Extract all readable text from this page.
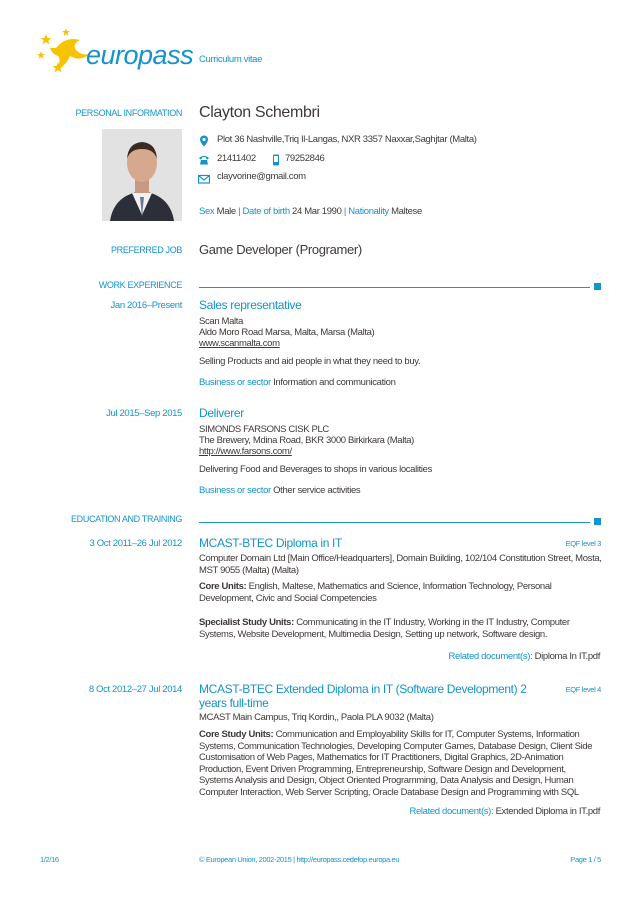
europass Curriculum vitae
PERSONAL INFORMATION Clayton Schembri
Plot 36 Nashville,Triq Il-Langas, NXR 3357 Naxxar,Saghjtar (Malta)
21411402	79252846
clayvorine@gmail.com
Sex Male | Date of birth 24 Mar 1990 | Nationality Maltese
PREFERRED JOB Game Developer (Programer)
WORK EXPERIENCE
Jan 2016–Present Sales representative
Scan Malta
Aldo Moro Road Marsa, Malta, Marsa (Malta)
www.scanmalta.com
Selling Products and aid people in what they need to buy.
Business or sector Information and communication
Jul 2015–Sep 2015 Deliverer
SIMONDS FARSONS CISK PLC
The Brewery, Mdina Road, BKR 3000 Birkirkara (Malta)
http://www.farsons.com/
Delivering Food and Beverages to shops in various localities
Business or sector Other service activities
EDUCATION AND TRAINING
3 Oct 2011–26 Jul 2012 MCAST-BTEC Diploma in IT	EQF level 3
Computer Domain Ltd [Main Office/Headquarters], Domain Building, 102/104 Constitution Street, Mosta, MST 9055 (Malta) (Malta)
Core Units: English, Maltese, Mathematics and Science, Information Technology, Personal Development, Civic and Social Competencies
Specialist Study Units: Communicating in the IT Industry, Working in the IT Industry, Computer Systems, Website Development, Multimedia Design, Setting up network, Software design.
Related document(s): Diploma In IT.pdf
8 Oct 2012–27 Jul 2014 MCAST-BTEC Extended Diploma in IT (Software Development) 2 years full-time
EQF level 4
MCAST Main Campus, Triq Kordin,, Paola PLA 9032 (Malta)
Core Study Units: Communication and Employability Skills for IT, Computer Systems, Information Systems, Communication Technologies, Developing Computer Games, Database Design, Client Side Customisation of Web Pages, Mathematics for IT Practitioners, Digital Graphics, 2D-Animation Production, Event Driven Programming, Entrepreneurship, Software Design and Development, Systems Analysis and Design, Object Oriented Programming, Data Analysis and Design, Human Computer Interaction, Web Server Scripting, Oracle Database Design and Programming with SQL
Related document(s): Extended Diploma in IT.pdf
1/2/16	© European Union, 2002-2015 | http://europass.cedefop.europa.eu	Page 1 / 5
